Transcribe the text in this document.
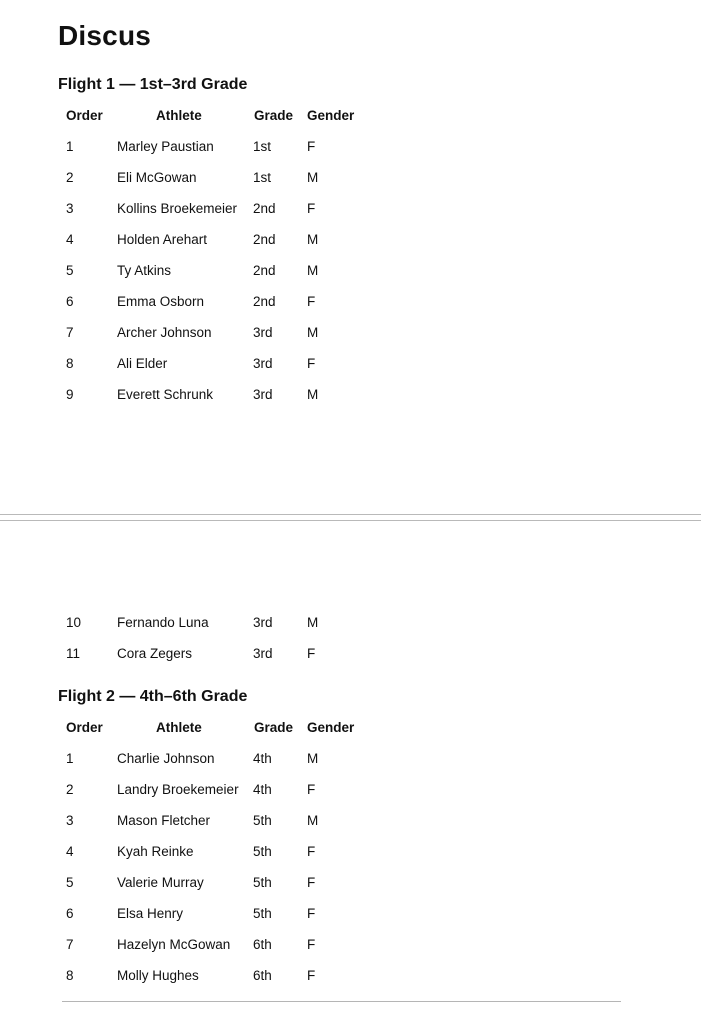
Discus
Flight 1 — 1st–3rd Grade
Order	Athlete	Grade Gender
1	Marley Paustian	1st	F
2	Eli McGowan	1st	M
3	Kollins Broekemeier 2nd F
4	Holden Arehart	2nd M
5	Ty Atkins	2nd M
6	Emma Osborn	2nd F
7	Archer Johnson	3rd	M
8	Ali Elder	3rd	F
9	Everett Schrunk	3rd	M
10	Fernando Luna	3rd	M
11	Cora Zegers	3rd	F
Flight 2 — 4th–6th Grade
Order	Athlete	Grade Gender
1	Charlie Johnson	4th	M
2	Landry Broekemeier 4th	F
3	Mason Fletcher	5th	M
4	Kyah Reinke	5th	F
5	Valerie Murray	5th	F
6	Elsa Henry	5th	F
7	Hazelyn McGowan 6th	F
8	Molly Hughes	6th	F
